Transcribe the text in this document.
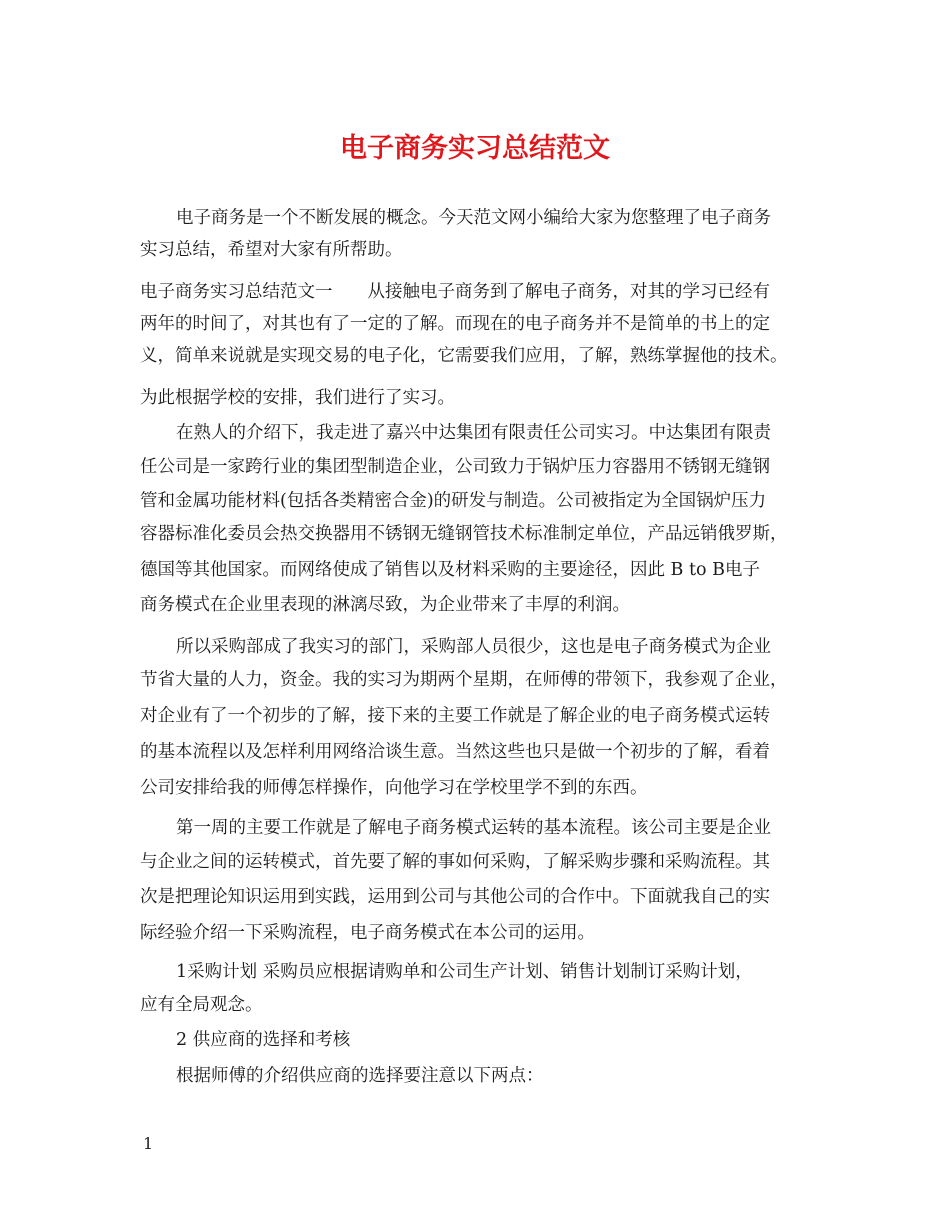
电子商务实习总结范文

电子商务是一个不断发展的概念。今天范文网小编给大家为您整理了电子商务

实习总结，希望对大家有所帮助。

电子商务实习总结范文一　　从接触电子商务到了解电子商务，对其的学习已经有

两年的时间了，对其也有了一定的了解。而现在的电子商务并不是简单的书上的定

义，简单来说就是实现交易的电子化，它需要我们应用，了解，熟练掌握他的技术。

为此根据学校的安排，我们进行了实习。

在熟人的介绍下，我走进了嘉兴中达集团有限责任公司实习。中达集团有限责

任公司是一家跨行业的集团型制造企业，公司致力于锅炉压力容器用不锈钢无缝钢

管和金属功能材料(包括各类精密合金)的研发与制造。公司被指定为全国锅炉压力

容器标准化委员会热交换器用不锈钢无缝钢管技术标准制定单位，产品远销俄罗斯，

德国等其他国家。而网络使成了销售以及材料采购的主要途径，因此 B to B电子

商务模式在企业里表现的淋漓尽致，为企业带来了丰厚的利润。

所以采购部成了我实习的部门，采购部人员很少，这也是电子商务模式为企业

节省大量的人力，资金。我的实习为期两个星期，在师傅的带领下，我参观了企业，

对企业有了一个初步的了解，接下来的主要工作就是了解企业的电子商务模式运转

的基本流程以及怎样利用网络洽谈生意。当然这些也只是做一个初步的了解，看着

公司安排给我的师傅怎样操作，向他学习在学校里学不到的东西。

第一周的主要工作就是了解电子商务模式运转的基本流程。该公司主要是企业

与企业之间的运转模式，首先要了解的事如何采购，了解采购步骤和采购流程。其

次是把理论知识运用到实践，运用到公司与其他公司的合作中。下面就我自己的实

际经验介绍一下采购流程，电子商务模式在本公司的运用。

1采购计划 采购员应根据请购单和公司生产计划、销售计划制订采购计划，

应有全局观念。

2 供应商的选择和考核

根据师傅的介绍供应商的选择要注意以下两点：

1
